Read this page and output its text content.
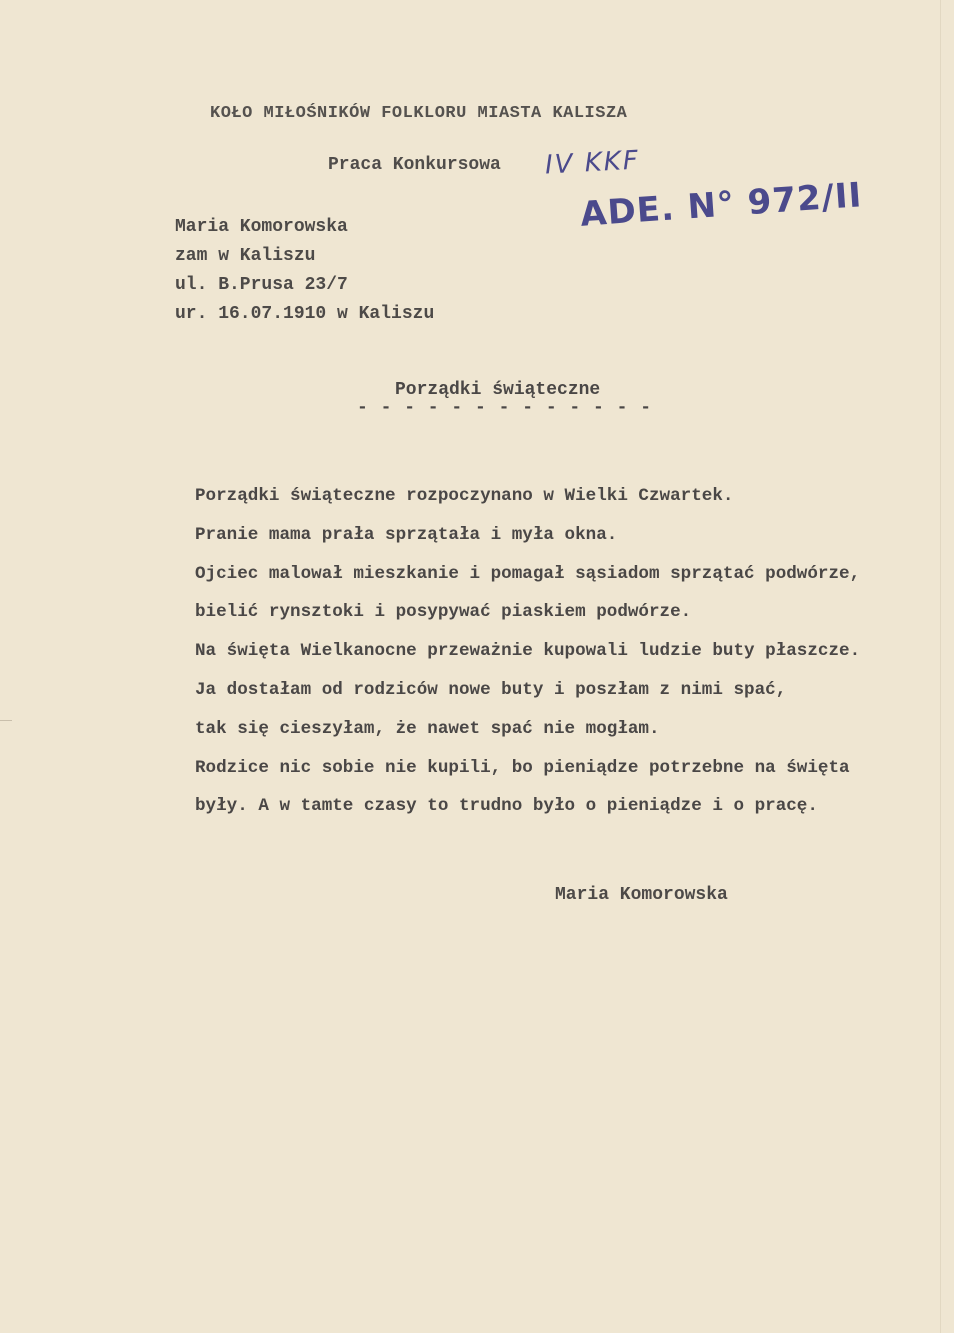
KOŁO MIŁOŚNIKÓW FOLKLORU MIASTA KALISZA
Praca Konkursowa IV KKF
ADE. N° 972/II
Maria Komorowska
zam w Kaliszu
ul. B.Prusa 23/7
ur. 16.07.1910 w Kaliszu
Porządki świąteczne
- - - - - - - - - - - - -
Porządki świąteczne rozpoczynano w Wielki Czwartek.
Pranie mama prała sprzątała i myła okna.
Ojciec malował mieszkanie i pomagał sąsiadom sprzątać podwórze,
bielić rynsztoki i posypywać piaskiem podwórze.
Na święta Wielkanocne przeważnie kupowali ludzie buty płaszcze.
Ja dostałam od rodziców nowe buty i poszłam z nimi spać,
tak się cieszyłam, że nawet spać nie mogłam.
Rodzice nic sobie nie kupili, bo pieniądze potrzebne na święta
były. A w tamte czasy to trudno było o pieniądze i o pracę.
Maria Komorowska
